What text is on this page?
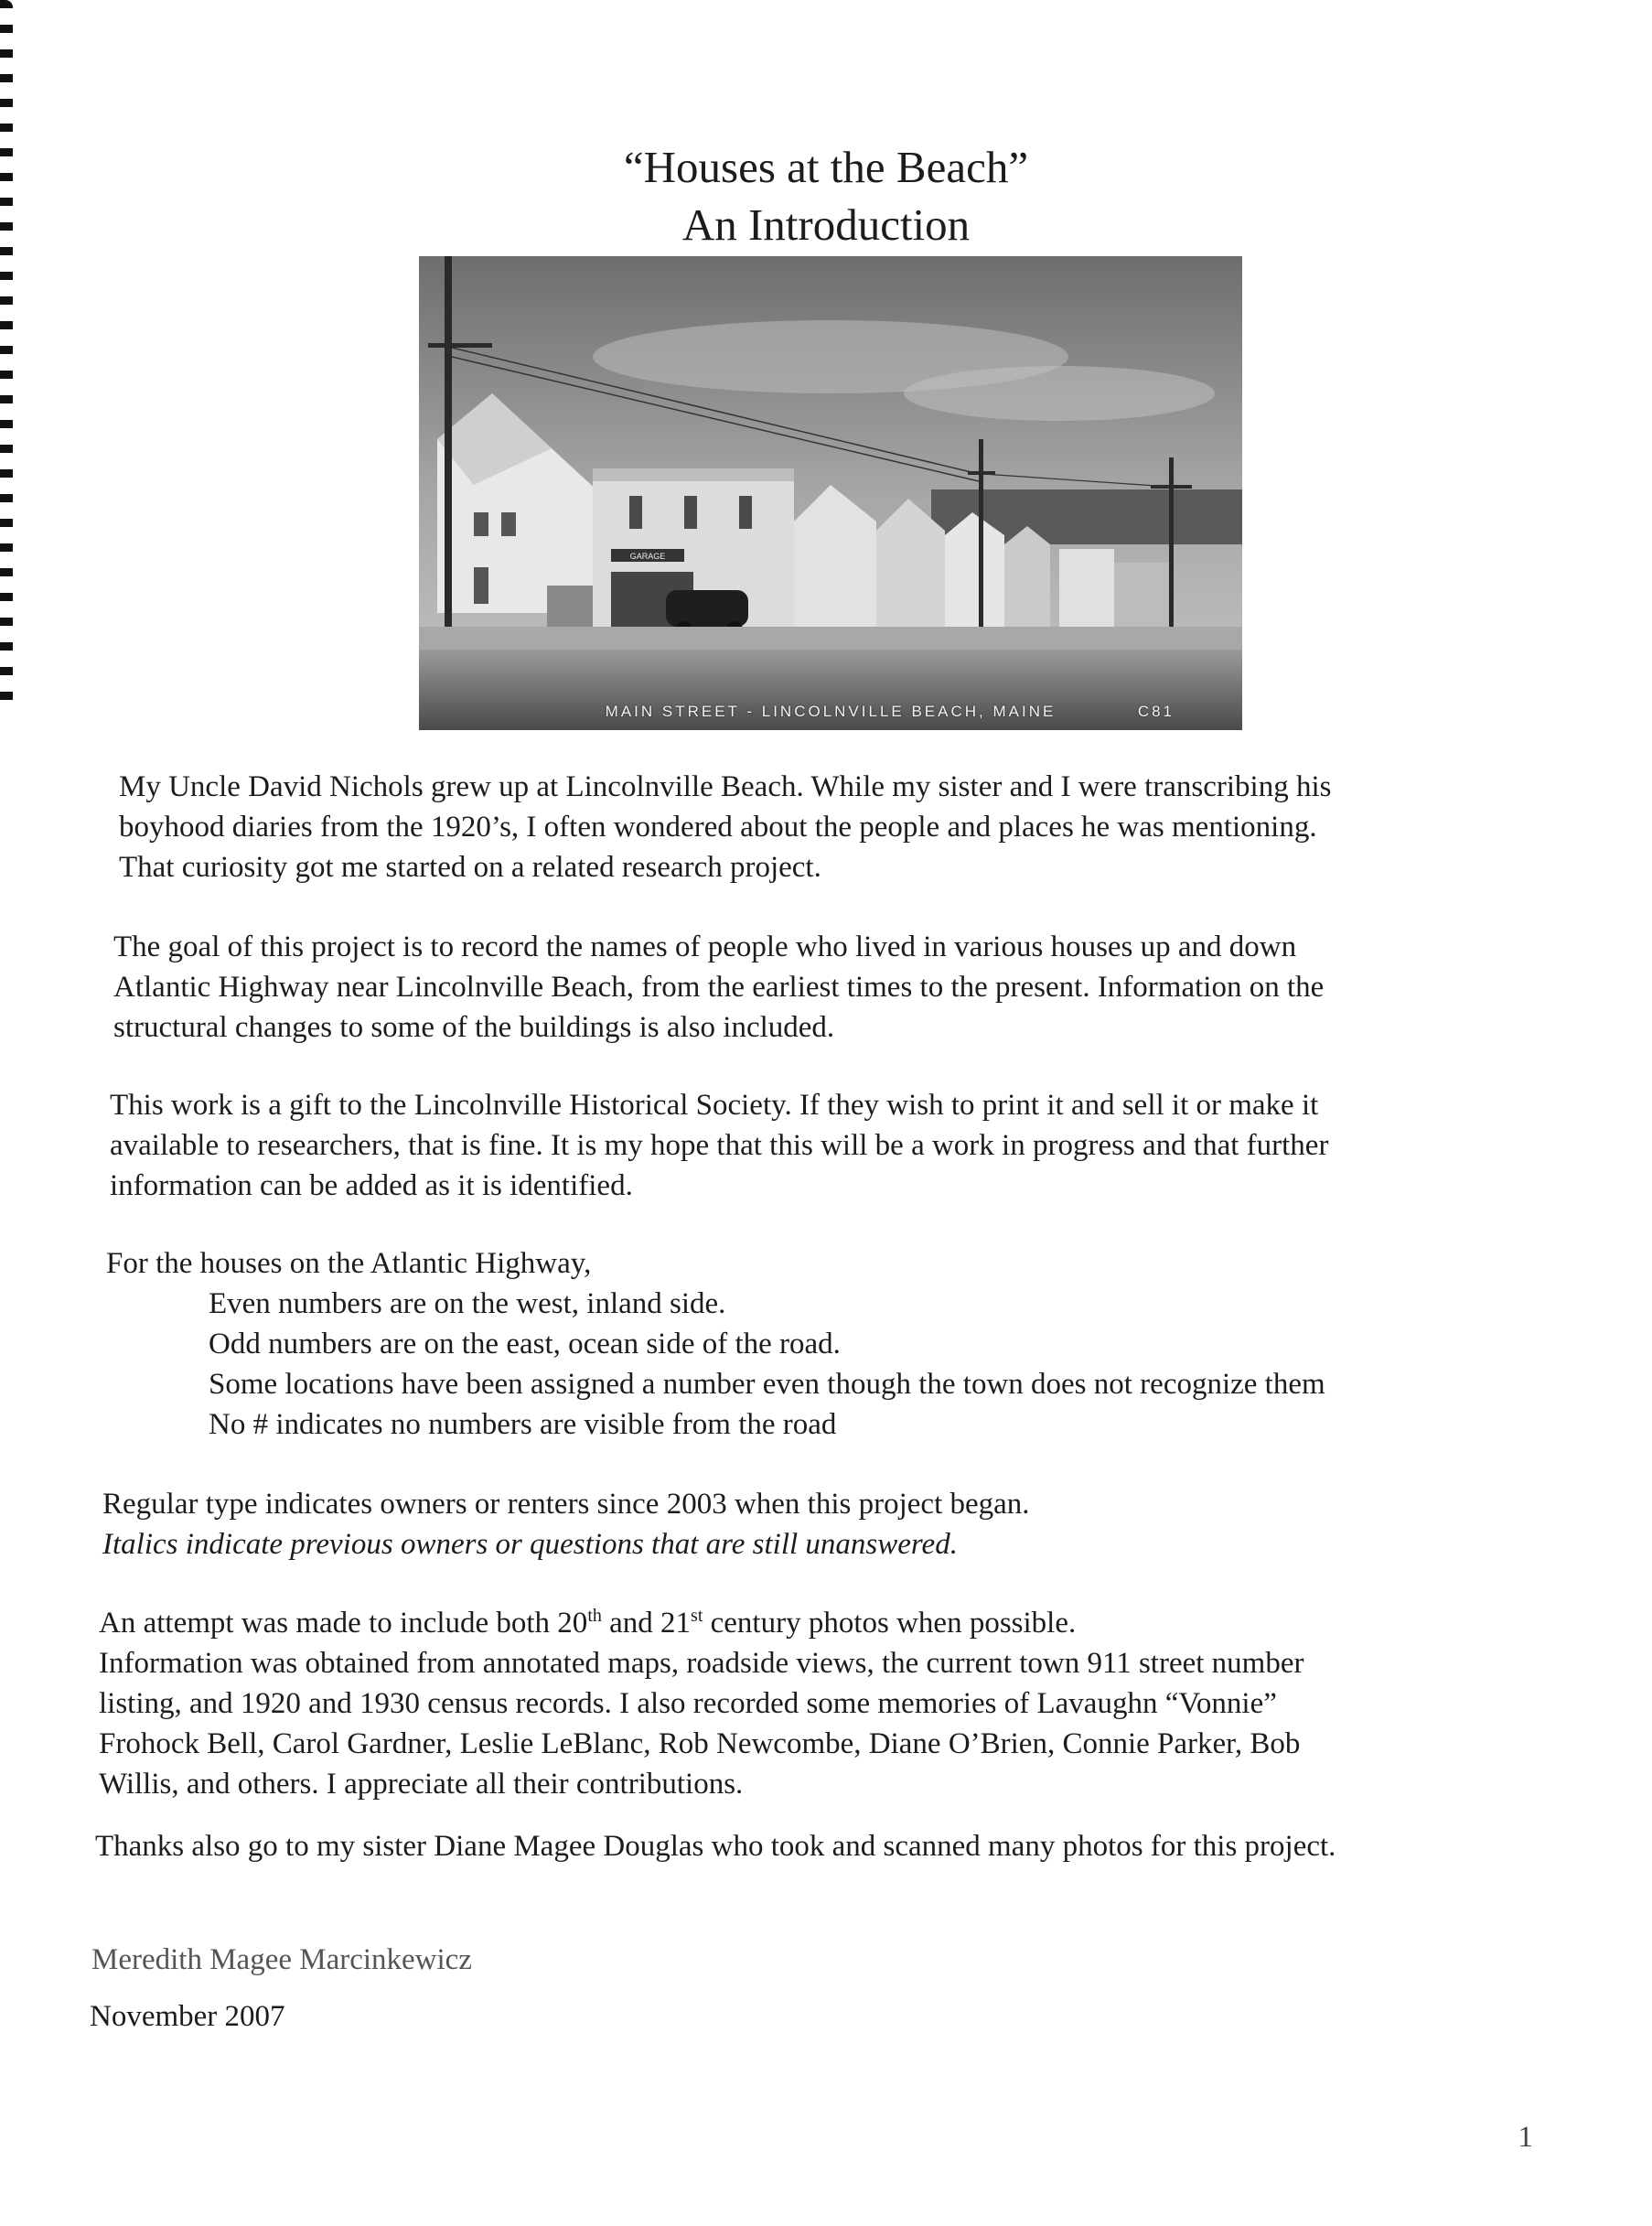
“Houses at the Beach”
An Introduction
GARAGE
MAIN STREET - LINCOLNVILLE BEACH, MAINE	C81
My Uncle David Nichols grew up at Lincolnville Beach. While my sister and I were transcribing his
boyhood diaries from the 1920’s, I often wondered about the people and places he was mentioning.
That curiosity got me started on a related research project.
The goal of this project is to record the names of people who lived in various houses up and down
Atlantic Highway near Lincolnville Beach, from the earliest times to the present. Information on the
structural changes to some of the buildings is also included.
This work is a gift to the Lincolnville Historical Society. If they wish to print it and sell it or make it
available to researchers, that is fine. It is my hope that this will be a work in progress and that further
information can be added as it is identified.
For the houses on the Atlantic Highway,
Even numbers are on the west, inland side.
Odd numbers are on the east, ocean side of the road.
Some locations have been assigned a number even though the town does not recognize them
No # indicates no numbers are visible from the road
Regular type indicates owners or renters since 2003 when this project began.
Italics indicate previous owners or questions that are still unanswered.
An attempt was made to include both 20th and 21st century photos when possible.
Information was obtained from annotated maps, roadside views, the current town 911 street number
listing, and 1920 and 1930 census records. I also recorded some memories of Lavaughn “Vonnie”
Frohock Bell, Carol Gardner, Leslie LeBlanc, Rob Newcombe, Diane O’Brien, Connie Parker, Bob
Willis, and others. I appreciate all their contributions.
Thanks also go to my sister Diane Magee Douglas who took and scanned many photos for this project.
Meredith Magee Marcinkewicz
November 2007
1
